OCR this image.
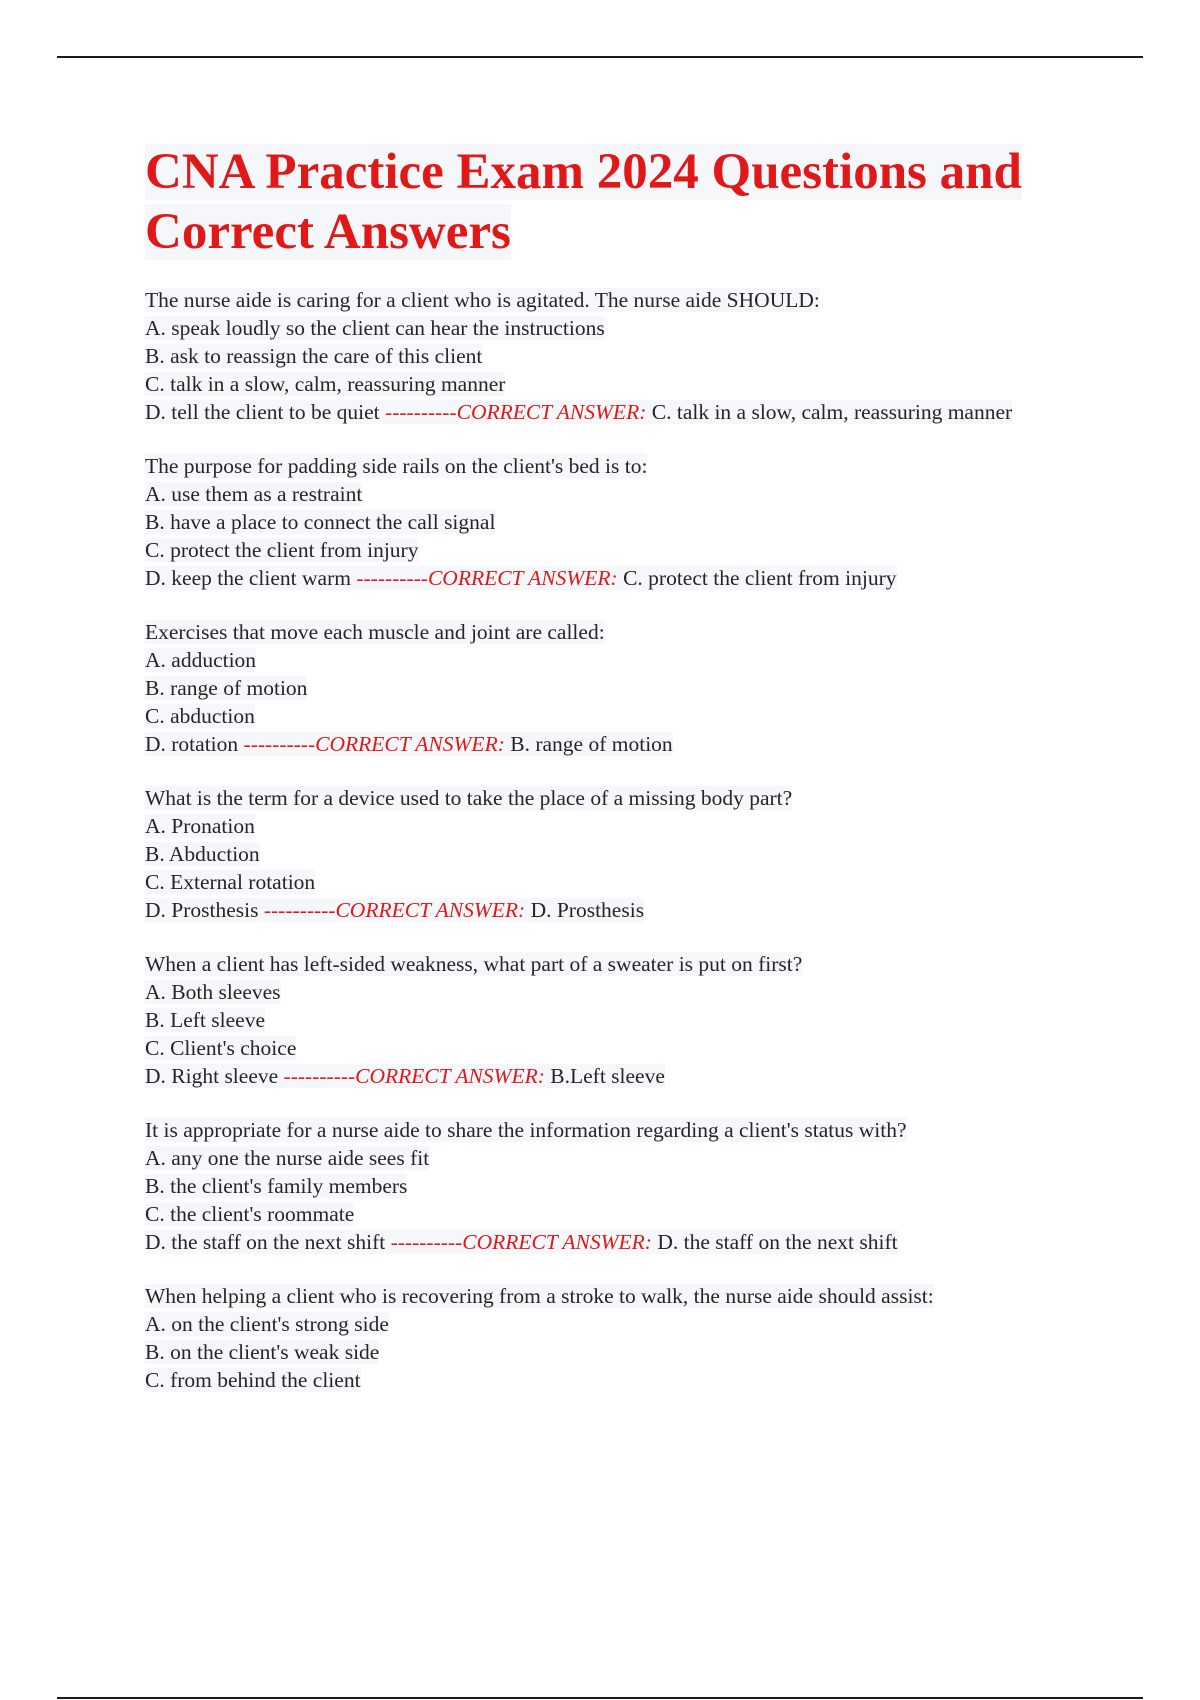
CNA Practice Exam 2024 Questions and Correct Answers
The nurse aide is caring for a client who is agitated. The nurse aide SHOULD:
A. speak loudly so the client can hear the instructions
B. ask to reassign the care of this client
C. talk in a slow, calm, reassuring manner
D. tell the client to be quiet ----------CORRECT ANSWER: C. talk in a slow, calm, reassuring manner
The purpose for padding side rails on the client's bed is to:
A. use them as a restraint
B. have a place to connect the call signal
C. protect the client from injury
D. keep the client warm ----------CORRECT ANSWER: C. protect the client from injury
Exercises that move each muscle and joint are called:
A. adduction
B. range of motion
C. abduction
D. rotation ----------CORRECT ANSWER: B. range of motion
What is the term for a device used to take the place of a missing body part?
A. Pronation
B. Abduction
C. External rotation
D. Prosthesis ----------CORRECT ANSWER: D. Prosthesis
When a client has left-sided weakness, what part of a sweater is put on first?
A. Both sleeves
B. Left sleeve
C. Client's choice
D. Right sleeve ----------CORRECT ANSWER: B.Left sleeve
It is appropriate for a nurse aide to share the information regarding a client's status with?
A. any one the nurse aide sees fit
B. the client's family members
C. the client's roommate
D. the staff on the next shift ----------CORRECT ANSWER: D. the staff on the next shift
When helping a client who is recovering from a stroke to walk, the nurse aide should assist:
A. on the client's strong side
B. on the client's weak side
C. from behind the client
